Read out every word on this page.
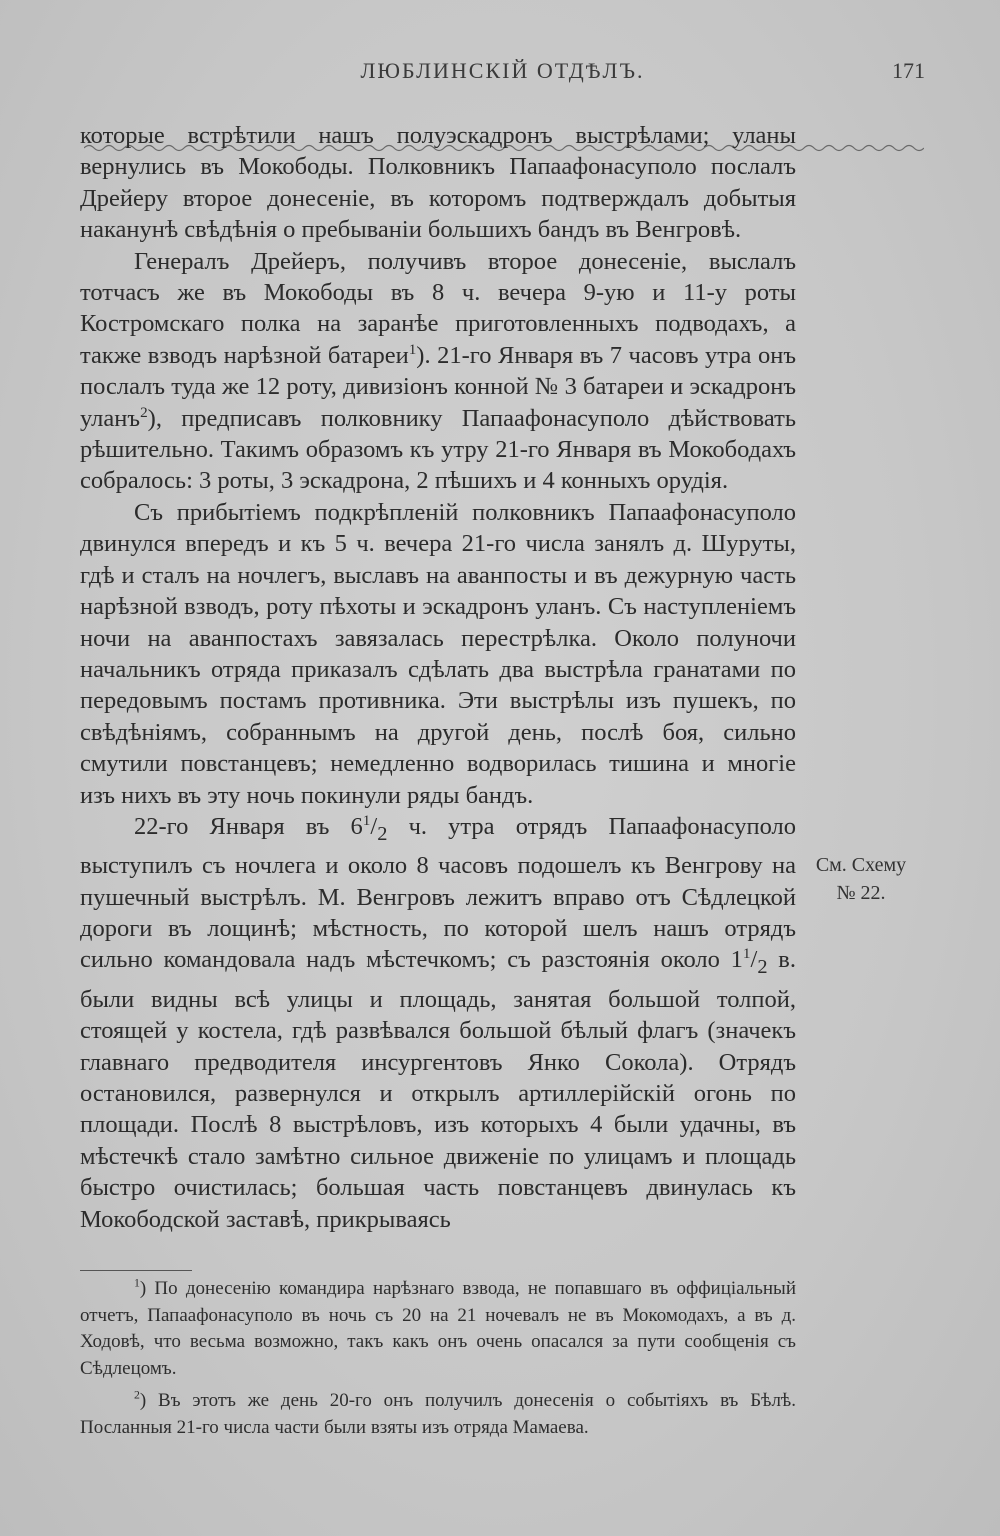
ЛЮБЛИНСКІЙ ОТДѢЛЪ.	171

которые встрѣтили нашъ полуэскадронъ выстрѣлами; уланы вернулись въ Мокободы. Полковникъ Папаафонасуполо послалъ Дрейеру второе донесеніе, въ которомъ подтверждалъ добытыя наканунѣ свѣдѣнія о пребываніи большихъ бандъ въ Венгровѣ.

Генералъ Дрейеръ, получивъ второе донесеніе, выслалъ тотчасъ же въ Мокободы въ 8 ч. вечера 9-ую и 11-у роты Костромскаго полка на заранѣе приготовленныхъ подводахъ, а также взводъ нарѣзной батареи$^1$). 21-го Января въ 7 часовъ утра онъ послалъ туда же 12 роту, дивизіонъ конной № 3 батареи и эскадронъ уланъ$^2$), предписавъ полковнику Папаафонасуполо дѣйствовать рѣшительно. Такимъ образомъ къ утру 21-го Января въ Мокободахъ собралось: 3 роты, 3 эскадрона, 2 пѣшихъ и 4 конныхъ орудія.

Съ прибытіемъ подкрѣпленій полковникъ Папаафонасуполо двинулся впередъ и къ 5 ч. вечера 21-го числа занялъ д. Шуруты, гдѣ и сталъ на ночлегъ, выславъ на аванпосты и въ дежурную часть нарѣзной взводъ, роту пѣхоты и эскадронъ уланъ. Съ наступленіемъ ночи на аванпостахъ завязалась перестрѣлка. Около полуночи начальникъ отряда приказалъ сдѣлать два выстрѣла гранатами по передовымъ постамъ противника. Эти выстрѣлы изъ пушекъ, по свѣдѣніямъ, собраннымъ на другой день, послѣ боя, сильно смутили повстанцевъ; немедленно водворилась тишина и многіе изъ нихъ въ эту ночь покинули ряды бандъ.

22-го Января въ $6^1/_2$ ч. утра отрядъ Папаафонасуполо выступилъ съ ночлега и около 8 часовъ подошелъ къ Венгрову на пушечный выстрѣлъ. М. Венгровъ лежитъ вправо отъ Сѣдлецкой дороги въ лощинѣ; мѣстность, по которой шелъ нашъ отрядъ сильно командовала надъ мѣстечкомъ; съ разстоянія около $1^1/_2$ в. были видны всѣ улицы и площадь, занятая большой толпой, стоящей у костела, гдѣ развѣвался большой бѣлый флагъ (значекъ главнаго предводителя инсургентовъ Янко Сокола). Отрядъ остановился, развернулся и открылъ артиллерійскій огонь по площади. Послѣ 8 выстрѣловъ, изъ которыхъ 4 были удачны, въ мѣстечкѣ стало замѣтно сильное движеніе по улицамъ и площадь быстро очистилась; большая часть повстанцевъ двинулась къ Мокободской заставѣ, прикрываясь

См. Схему
№ 22.

$^1$) По донесенію командира нарѣзнаго взвода, не попавшаго въ оффиціальный отчетъ, Папаафонасуполо въ ночь съ 20 на 21 ночевалъ не въ Мокомодахъ, а въ д. Ходовѣ, что весьма возможно, такъ какъ онъ очень опасался за пути сообщенія съ Сѣдлецомъ.

$^2$) Въ этотъ же день 20-го онъ получилъ донесенія о событіяхъ въ Бѣлѣ. Посланныя 21-го числа части были взяты изъ отряда Мамаева.
